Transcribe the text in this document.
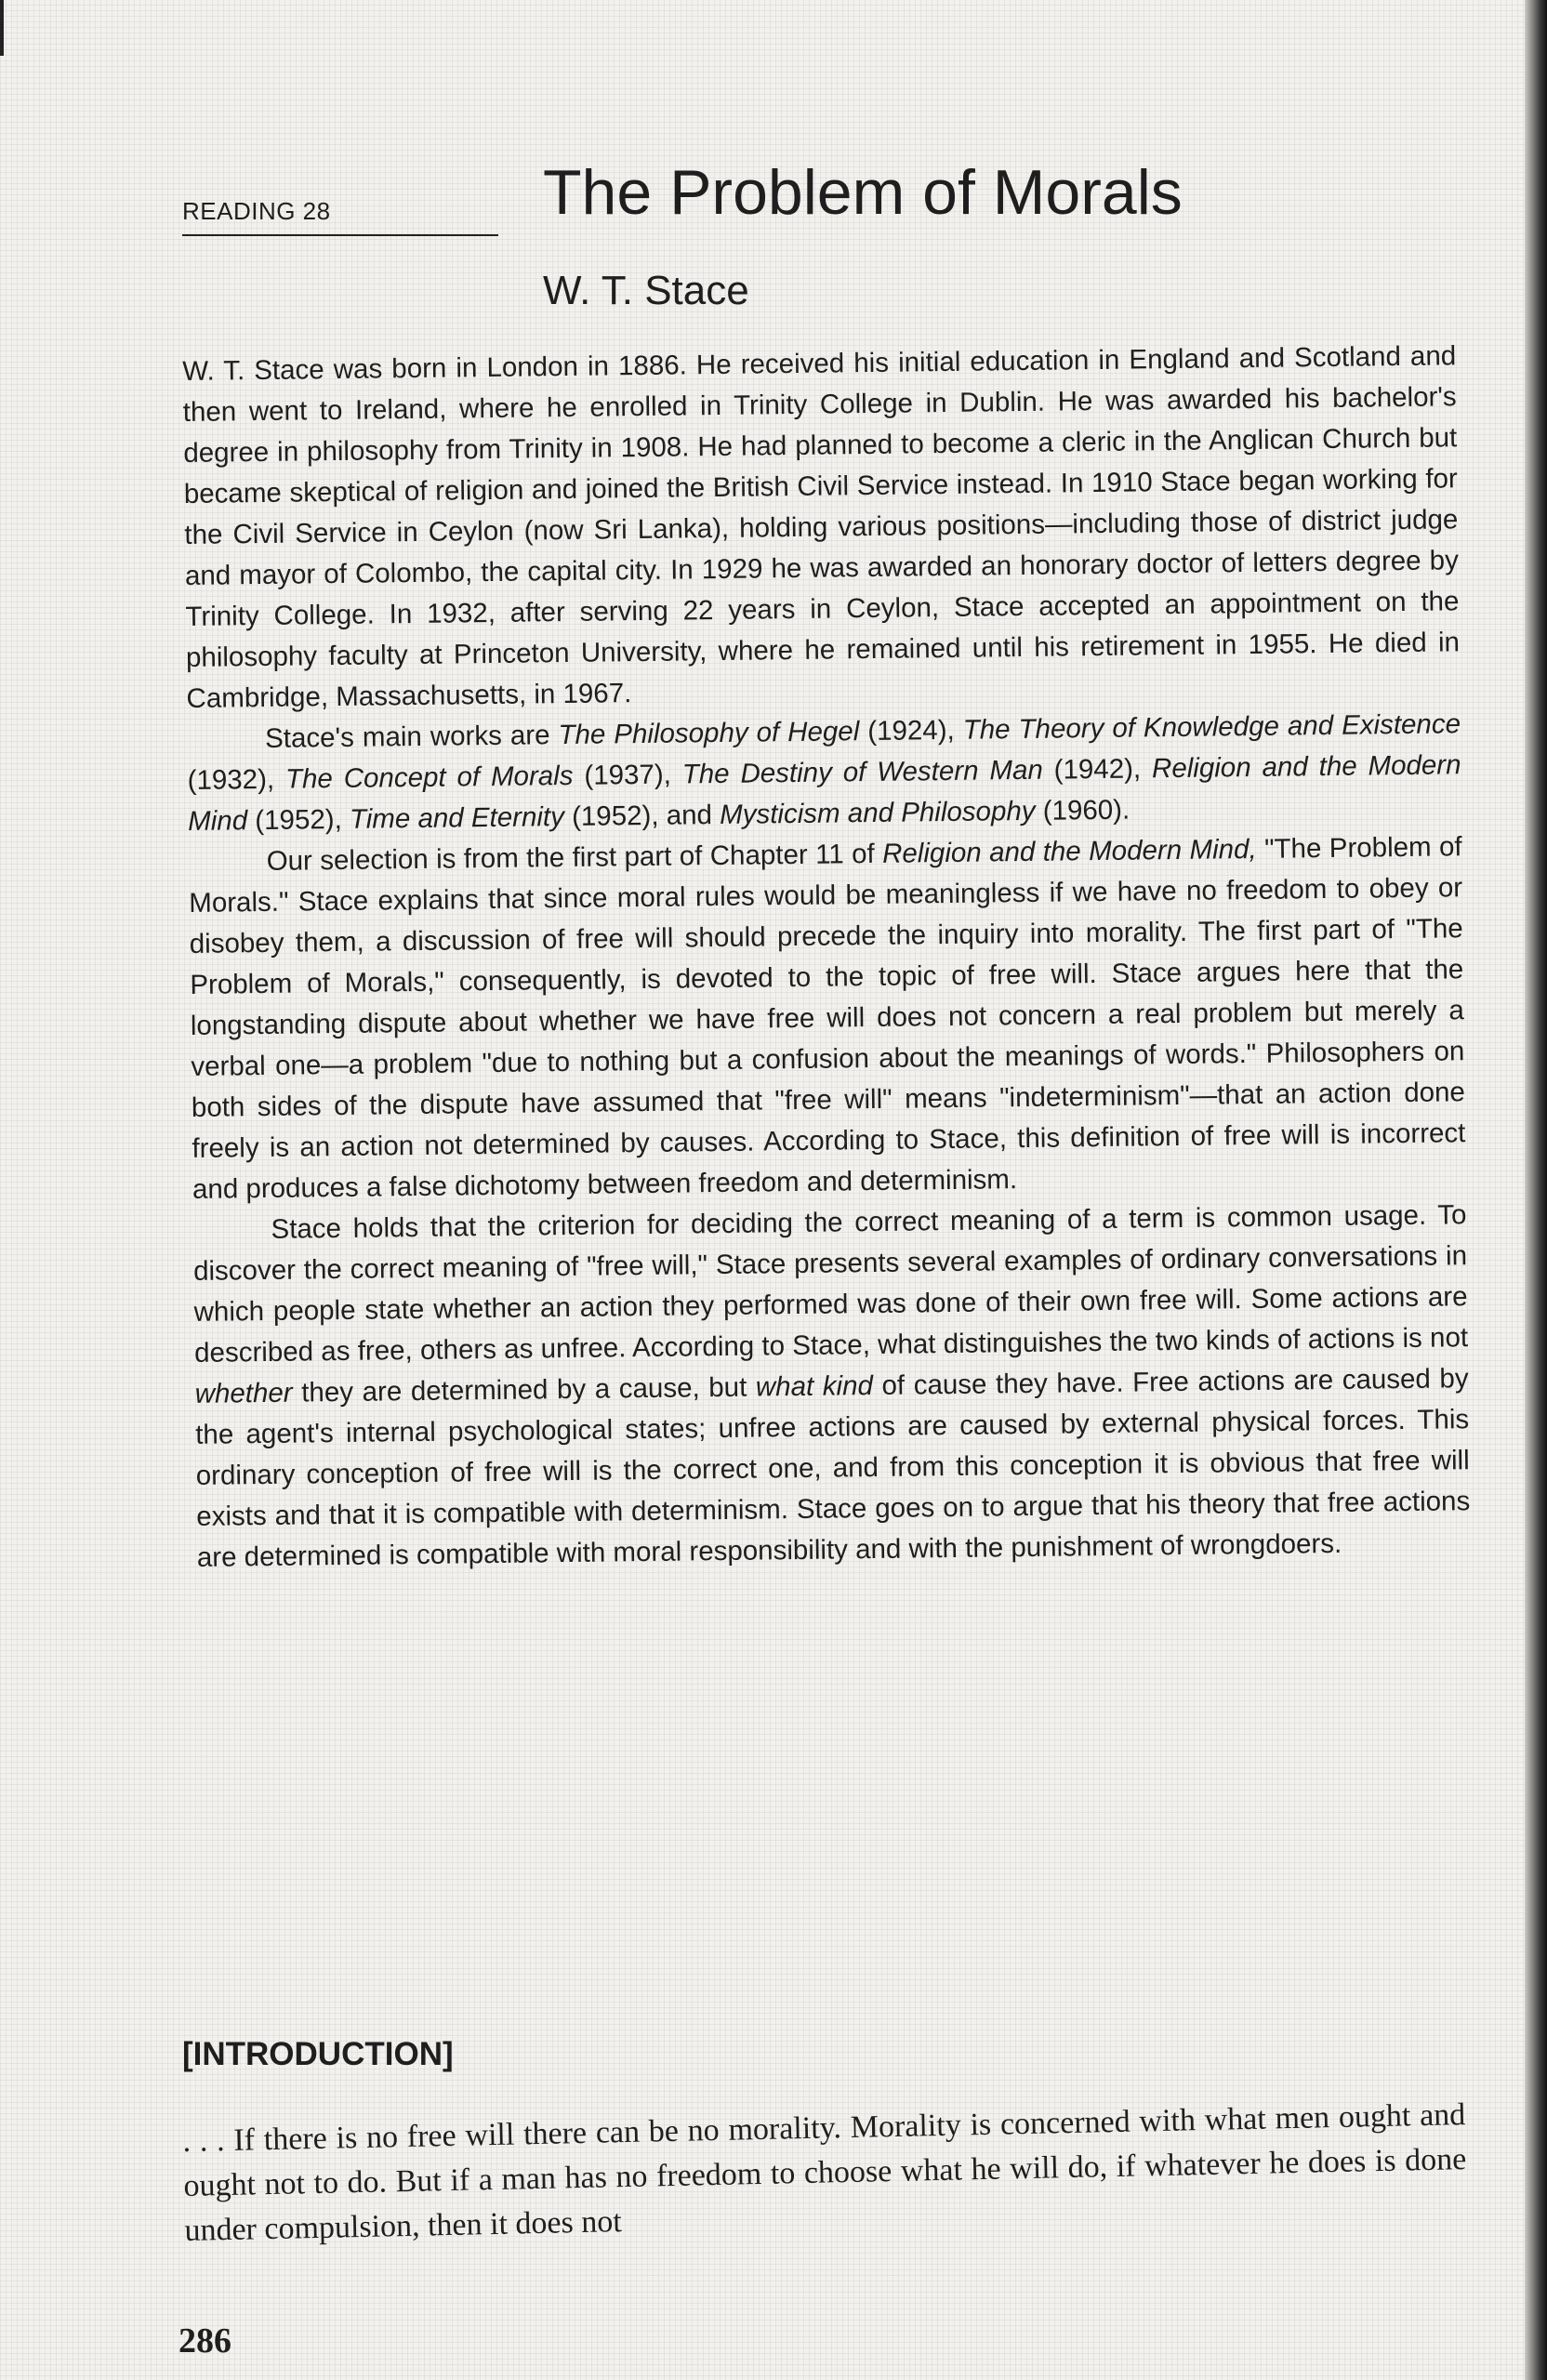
READING 28	The Problem of Morals
W. T. Stace

W. T. Stace was born in London in 1886. He received his initial education in England and Scotland and then went to Ireland, where he enrolled in Trinity College in Dublin. He was awarded his bachelor's degree in philosophy from Trinity in 1908. He had planned to become a cleric in the Anglican Church but became skeptical of religion and joined the British Civil Service instead. In 1910 Stace began working for the Civil Service in Ceylon (now Sri Lanka), holding various positions—including those of district judge and mayor of Colombo, the capital city. In 1929 he was awarded an honorary doctor of letters degree by Trinity College. In 1932, after serving 22 years in Ceylon, Stace accepted an appointment on the philosophy faculty at Princeton University, where he remained until his retirement in 1955. He died in Cambridge, Massachusetts, in 1967.

Stace's main works are The Philosophy of Hegel (1924), The Theory of Knowledge and Existence (1932), The Concept of Morals (1937), The Destiny of Western Man (1942), Religion and the Modern Mind (1952), Time and Eternity (1952), and Mysticism and Philosophy (1960).

Our selection is from the first part of Chapter 11 of Religion and the Modern Mind, "The Problem of Morals." Stace explains that since moral rules would be meaningless if we have no freedom to obey or disobey them, a discussion of free will should precede the inquiry into morality. The first part of "The Problem of Morals," consequently, is devoted to the topic of free will. Stace argues here that the longstanding dispute about whether we have free will does not concern a real problem but merely a verbal one—a problem "due to nothing but a confusion about the meanings of words." Philosophers on both sides of the dispute have assumed that "free will" means "indeterminism"—that an action done freely is an action not determined by causes. According to Stace, this definition of free will is incorrect and produces a false dichotomy between freedom and determinism.

Stace holds that the criterion for deciding the correct meaning of a term is common usage. To discover the correct meaning of "free will," Stace presents several examples of ordinary conversations in which people state whether an action they performed was done of their own free will. Some actions are described as free, others as unfree. According to Stace, what distinguishes the two kinds of actions is not whether they are determined by a cause, but what kind of cause they have. Free actions are caused by the agent's internal psychological states; unfree actions are caused by external physical forces. This ordinary conception of free will is the correct one, and from this conception it is obvious that free will exists and that it is compatible with determinism. Stace goes on to argue that his theory that free actions are determined is compatible with moral responsibility and with the punishment of wrongdoers.

[INTRODUCTION]
. . . If there is no free will there can be no morality. Morality is concerned with what men ought and ought not to do. But if a man has no freedom to choose what he will do, if whatever he does is done under compulsion, then it does not
286
